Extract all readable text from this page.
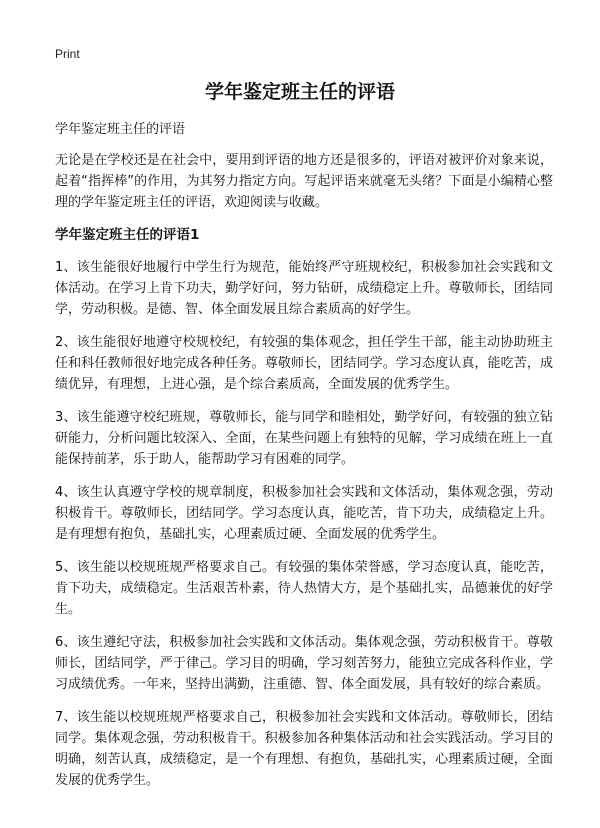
Print
学年鉴定班主任的评语

学年鉴定班主任的评语

无论是在学校还是在社会中，要用到评语的地方还是很多的，评语对被评价对象来说，起着“指挥棒”的作用，为其努力指定方向。写起评语来就毫无头绪？下面是小编精心整理的学年鉴定班主任的评语，欢迎阅读与收藏。

学年鉴定班主任的评语1

1、该生能很好地履行中学生行为规范，能始终严守班规校纪，积极参加社会实践和文体活动。在学习上肯下功夫，勤学好问，努力钻研，成绩稳定上升。尊敬师长，团结同学，劳动积极。是德、智、体全面发展且综合素质高的好学生。

2、该生能很好地遵守校规校纪，有较强的集体观念，担任学生干部，能主动协助班主任和科任教师很好地完成各种任务。尊敬师长，团结同学。学习态度认真，能吃苦，成绩优异，有理想，上进心强，是个综合素质高，全面发展的优秀学生。

3、该生能遵守校纪班规，尊敬师长，能与同学和睦相处，勤学好问，有较强的独立钻研能力，分析问题比较深入、全面，在某些问题上有独特的见解，学习成绩在班上一直能保持前茅，乐于助人，能帮助学习有困难的同学。

4、该生认真遵守学校的规章制度，积极参加社会实践和文体活动，集体观念强，劳动积极肯干。尊敬师长，团结同学。学习态度认真，能吃苦，肯下功夫，成绩稳定上升。是有理想有抱负，基础扎实，心理素质过硬、全面发展的优秀学生。

5、该生能以校规班规严格要求自己。有较强的集体荣誉感，学习态度认真，能吃苦，肯下功夫，成绩稳定。生活艰苦朴素，待人热情大方，是个基础扎实，品德兼优的好学生。

6、该生遵纪守法，积极参加社会实践和文体活动。集体观念强，劳动积极肯干。尊敬师长，团结同学，严于律己。学习目的明确，学习刻苦努力，能独立完成各科作业，学习成绩优秀。一年来，坚持出满勤，注重德、智、体全面发展，具有较好的综合素质。

7、该生能以校规班规严格要求自己，积极参加社会实践和文体活动。尊敬师长，团结同学。集体观念强，劳动积极肯干。积极参加各种集体活动和社会实践活动。学习目的明确，刻苦认真，成绩稳定，是一个有理想、有抱负，基础扎实，心理素质过硬，全面发展的优秀学生。
